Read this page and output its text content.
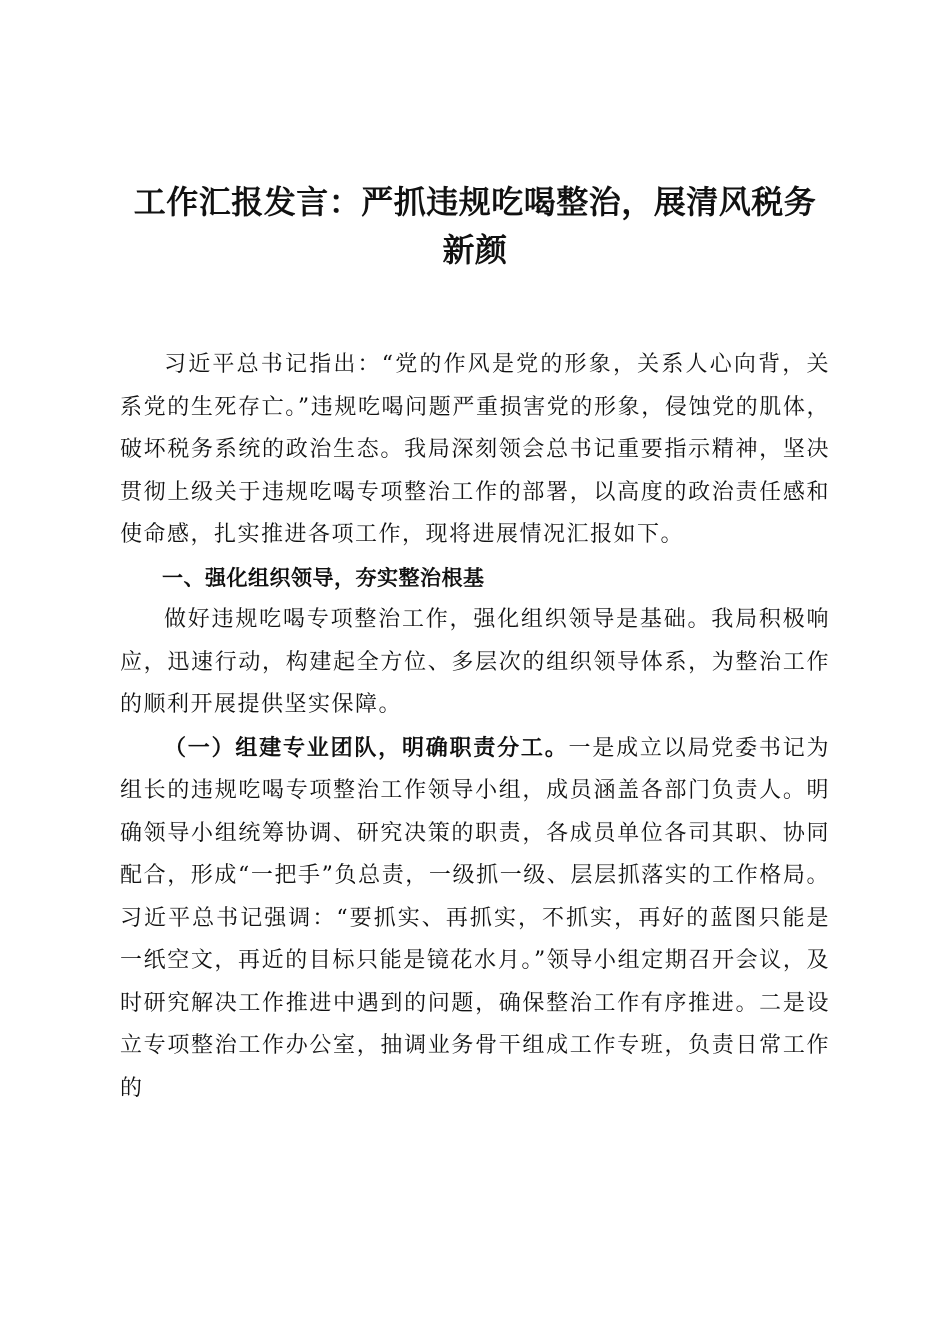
工作汇报发言：严抓违规吃喝整治，展清风税务新颜

习近平总书记指出：“党的作风是党的形象，关系人心向背，关系党的生死存亡。”违规吃喝问题严重损害党的形象，侵蚀党的肌体，破坏税务系统的政治生态。我局深刻领会总书记重要指示精神，坚决贯彻上级关于违规吃喝专项整治工作的部署，以高度的政治责任感和使命感，扎实推进各项工作，现将进展情况汇报如下。

一、强化组织领导，夯实整治根基

做好违规吃喝专项整治工作，强化组织领导是基础。我局积极响应，迅速行动，构建起全方位、多层次的组织领导体系，为整治工作的顺利开展提供坚实保障。

（一）组建专业团队，明确职责分工。一是成立以局党委书记为组长的违规吃喝专项整治工作领导小组，成员涵盖各部门负责人。明确领导小组统筹协调、研究决策的职责，各成员单位各司其职、协同配合，形成“一把手”负总责，一级抓一级、层层抓落实的工作格局。习近平总书记强调：“要抓实、再抓实，不抓实，再好的蓝图只能是一纸空文，再近的目标只能是镜花水月。”领导小组定期召开会议，及时研究解决工作推进中遇到的问题，确保整治工作有序推进。二是设立专项整治工作办公室，抽调业务骨干组成工作专班，负责日常工作的
